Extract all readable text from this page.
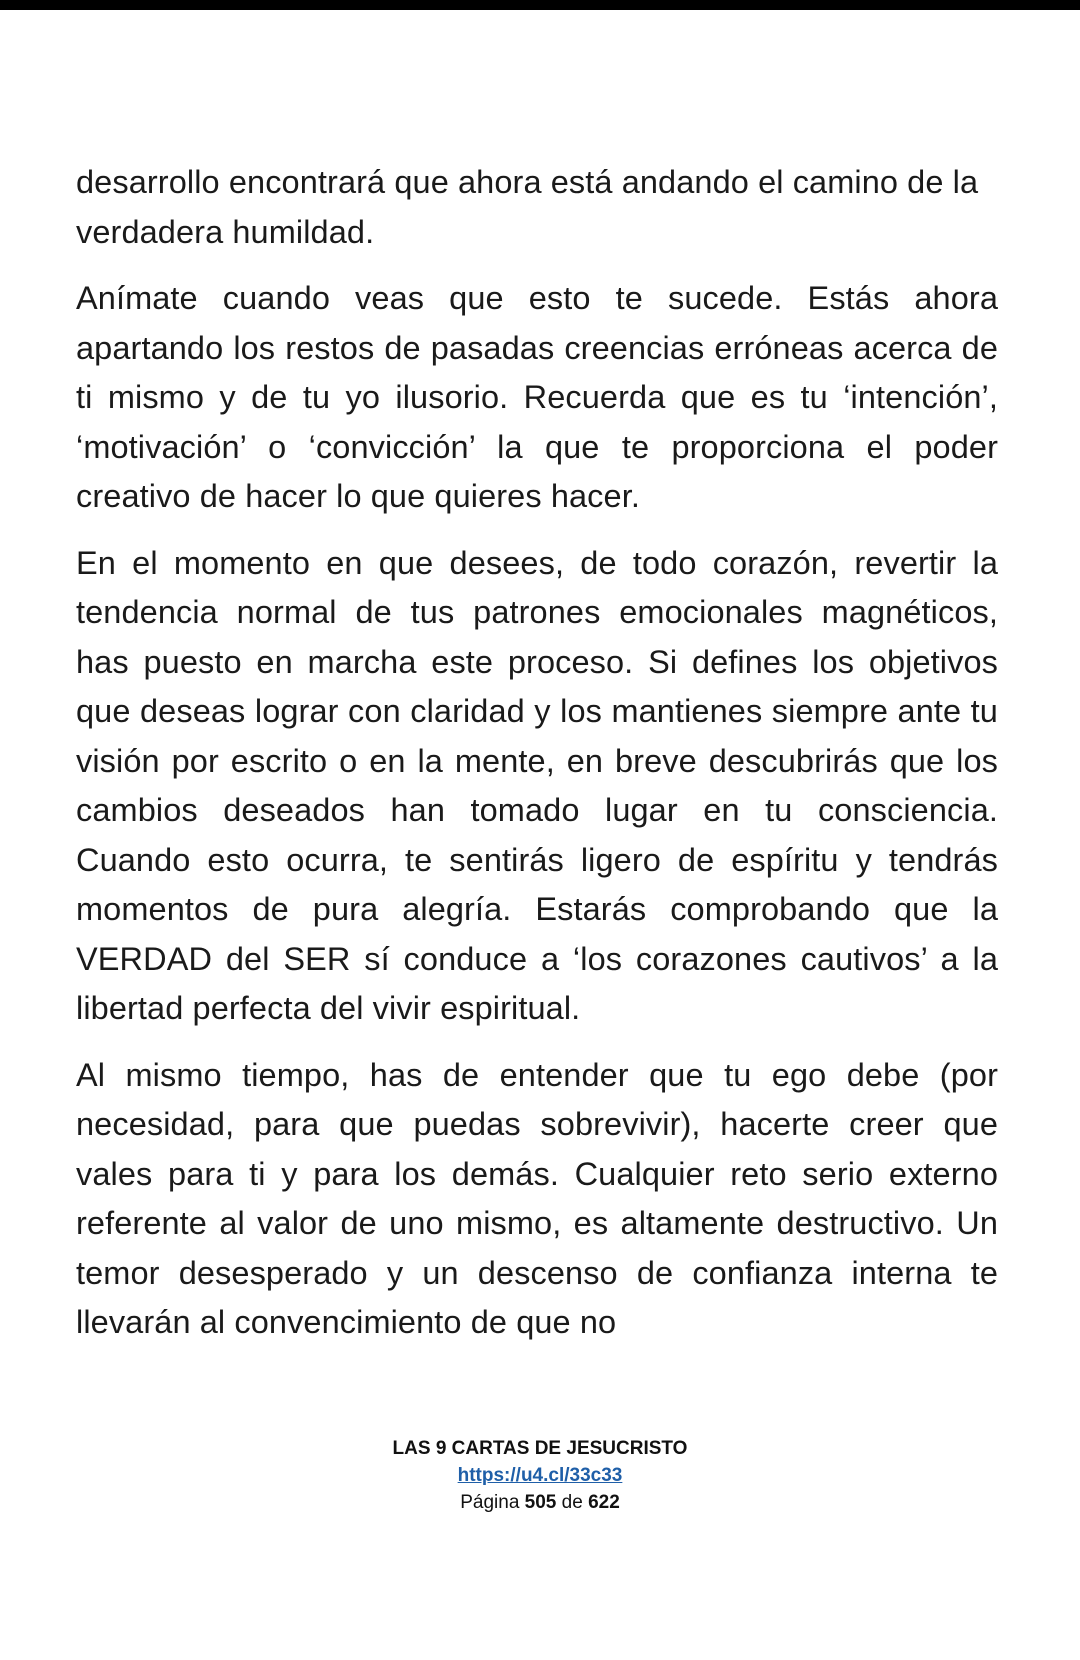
desarrollo encontrará que ahora está andando el camino de la verdadera humildad.

Anímate cuando veas que esto te sucede. Estás ahora apartando los restos de pasadas creencias erróneas acerca de ti mismo y de tu yo ilusorio. Recuerda que es tu ‘intención’, ‘motivación’ o ‘convicción’ la que te proporciona el poder creativo de hacer lo que quieres hacer.

En el momento en que desees, de todo corazón, revertir la tendencia normal de tus patrones emocionales magnéticos, has puesto en marcha este proceso. Si defines los objetivos que deseas lograr con claridad y los mantienes siempre ante tu visión por escrito o en la mente, en breve descubrirás que los cambios deseados han tomado lugar en tu consciencia. Cuando esto ocurra, te sentirás ligero de espíritu y tendrás momentos de pura alegría. Estarás comprobando que la VERDAD del SER sí conduce a ‘los corazones cautivos’ a la libertad perfecta del vivir espiritual.

Al mismo tiempo, has de entender que tu ego debe (por necesidad, para que puedas sobrevivir), hacerte creer que vales para ti y para los demás. Cualquier reto serio externo referente al valor de uno mismo, es altamente destructivo. Un temor desesperado y un descenso de confianza interna te llevarán al convencimiento de que no

LAS 9 CARTAS DE JESUCRISTO
https://u4.cl/33c33
Página 505 de 622
